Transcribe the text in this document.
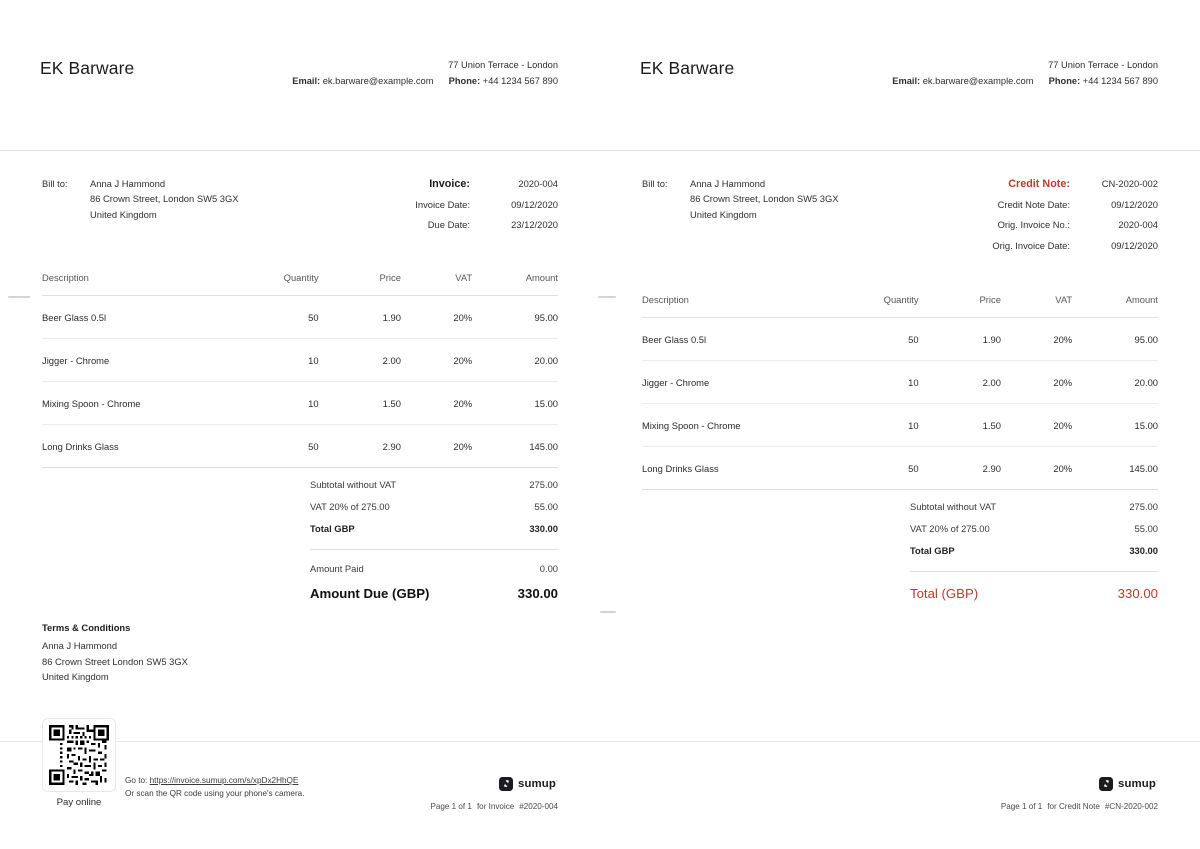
EK Barware	77 Union Terrace - London
Email: ek.barware@example.com Phone: +44 1234 567 890
Bill to: Anna J Hammond
86 Crown Street, London SW5 3GX
United Kingdom
Invoice:	2020-004
Invoice Date:	09/12/2020
Due Date:	23/12/2020
Description	Quantity	Price	VAT	Amount
Beer Glass 0.5l	50	1.90	20%	95.00
Jigger - Chrome	10	2.00	20%	20.00
Mixing Spoon - Chrome	10	1.50	20%	15.00
Long Drinks Glass	50	2.90	20%	145.00
Subtotal without VAT	275.00
VAT 20% of 275.00	55.00
Total GBP	330.00
Amount Paid	0.00
Amount Due (GBP)	330.00
Terms & Conditions
Anna J Hammond
86 Crown Street London SW5 3GX
United Kingdom
Pay online
Go to: https://invoice.sumup.com/s/xpDx2HhQE
Or scan the QR code using your phone's camera.
sumup·
Page 1 of 1 for Invoice #2020-004
EK Barware	77 Union Terrace - London
Email: ek.barware@example.com Phone: +44 1234 567 890
Bill to: Anna J Hammond
86 Crown Street, London SW5 3GX
United Kingdom
Credit Note:	CN-2020-002
Credit Note Date:	09/12/2020
Orig. Invoice No.:	2020-004
Orig. Invoice Date:	09/12/2020
Description	Quantity	Price	VAT	Amount
Beer Glass 0.5l	50	1.90	20%	95.00
Jigger - Chrome	10	2.00	20%	20.00
Mixing Spoon - Chrome	10	1.50	20%	15.00
Long Drinks Glass	50	2.90	20%	145.00
Subtotal without VAT	275.00
VAT 20% of 275.00	55.00
Total GBP	330.00
Total (GBP)	330.00
sumup·
Page 1 of 1 for Credit Note #CN-2020-002
